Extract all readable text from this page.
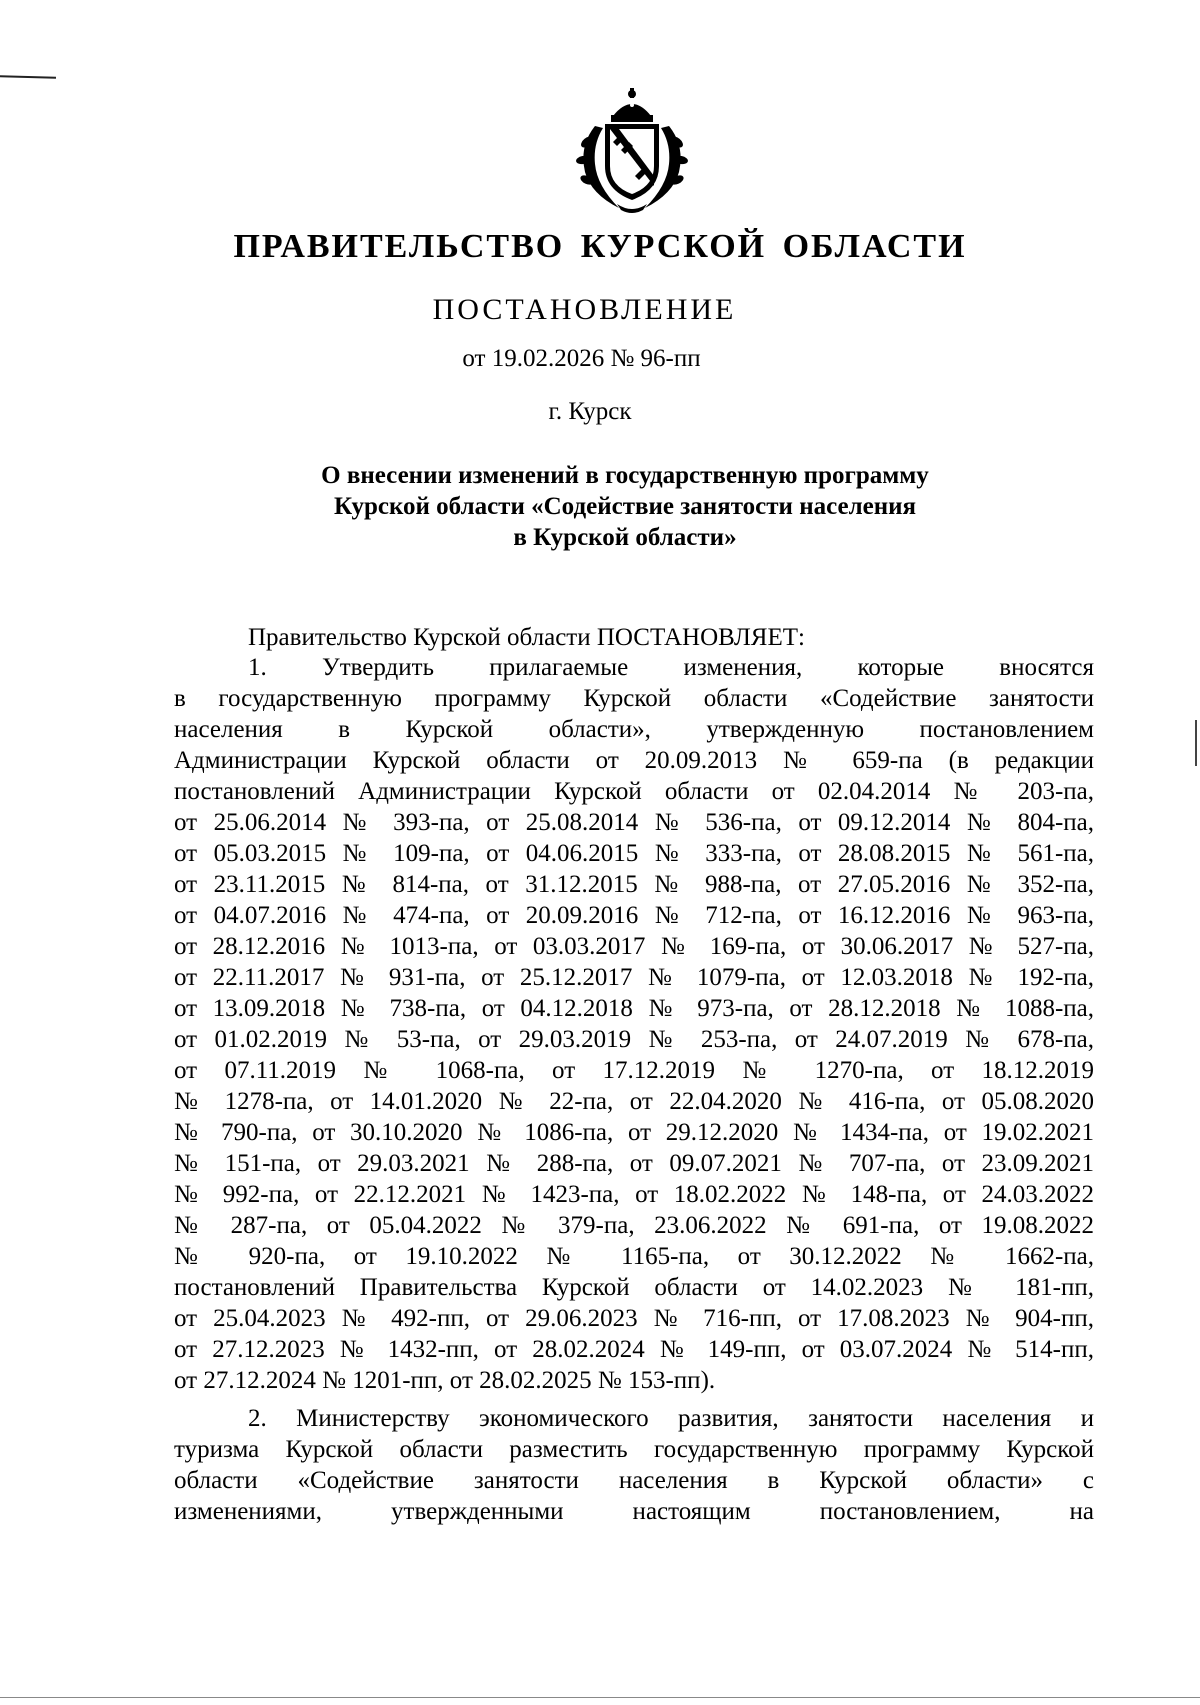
ПРАВИТЕЛЬСТВО КУРСКОЙ ОБЛАСТИ
ПОСТАНОВЛЕНИЕ
от 19.02.2026 № 96-пп
г. Курск
О внесении изменений в государственную программу
Курской области «Содействие занятости населения
в Курской области»
Правительство Курской области ПОСТАНОВЛЯЕТ:
1. Утвердить прилагаемые изменения, которые вносятся
в государственную программу Курской области «Содействие занятости
населения в Курской области», утвержденную постановлением
Администрации Курской области от 20.09.2013 № 659-па (в редакции
постановлений Администрации Курской области от 02.04.2014 № 203-па,
от 25.06.2014 № 393-па, от 25.08.2014 № 536-па, от 09.12.2014 № 804-па,
от 05.03.2015 № 109-па, от 04.06.2015 № 333-па, от 28.08.2015 № 561-па,
от 23.11.2015 № 814-па, от 31.12.2015 № 988-па, от 27.05.2016 № 352-па,
от 04.07.2016 № 474-па, от 20.09.2016 № 712-па, от 16.12.2016 № 963-па,
от 28.12.2016 № 1013-па, от 03.03.2017 № 169-па, от 30.06.2017 № 527-па,
от 22.11.2017 № 931-па, от 25.12.2017 № 1079-па, от 12.03.2018 № 192-па,
от 13.09.2018 № 738-па, от 04.12.2018 № 973-па, от 28.12.2018 № 1088-па,
от 01.02.2019 № 53-па, от 29.03.2019 № 253-па, от 24.07.2019 № 678-па,
от 07.11.2019 № 1068-па, от 17.12.2019 № 1270-па, от 18.12.2019
№ 1278-па, от 14.01.2020 № 22-па, от 22.04.2020 № 416-па, от 05.08.2020
№ 790-па, от 30.10.2020 № 1086-па, от 29.12.2020 № 1434-па, от 19.02.2021
№ 151-па, от 29.03.2021 № 288-па, от 09.07.2021 № 707-па, от 23.09.2021
№ 992-па, от 22.12.2021 № 1423-па, от 18.02.2022 № 148-па, от 24.03.2022
№ 287-па, от 05.04.2022 № 379-па, 23.06.2022 № 691-па, от 19.08.2022
№ 920-па, от 19.10.2022 № 1165-па, от 30.12.2022 № 1662-па,
постановлений Правительства Курской области от 14.02.2023 № 181-пп,
от 25.04.2023 № 492-пп, от 29.06.2023 № 716-пп, от 17.08.2023 № 904-пп,
от 27.12.2023 № 1432-пп, от 28.02.2024 № 149-пп, от 03.07.2024 № 514-пп,
от 27.12.2024 № 1201-пп, от 28.02.2025 № 153-пп).
2. Министерству экономического развития, занятости населения и
туризма Курской области разместить государственную программу Курской
области «Содействие занятости населения в Курской области» с
изменениями, утвержденными настоящим постановлением, на
